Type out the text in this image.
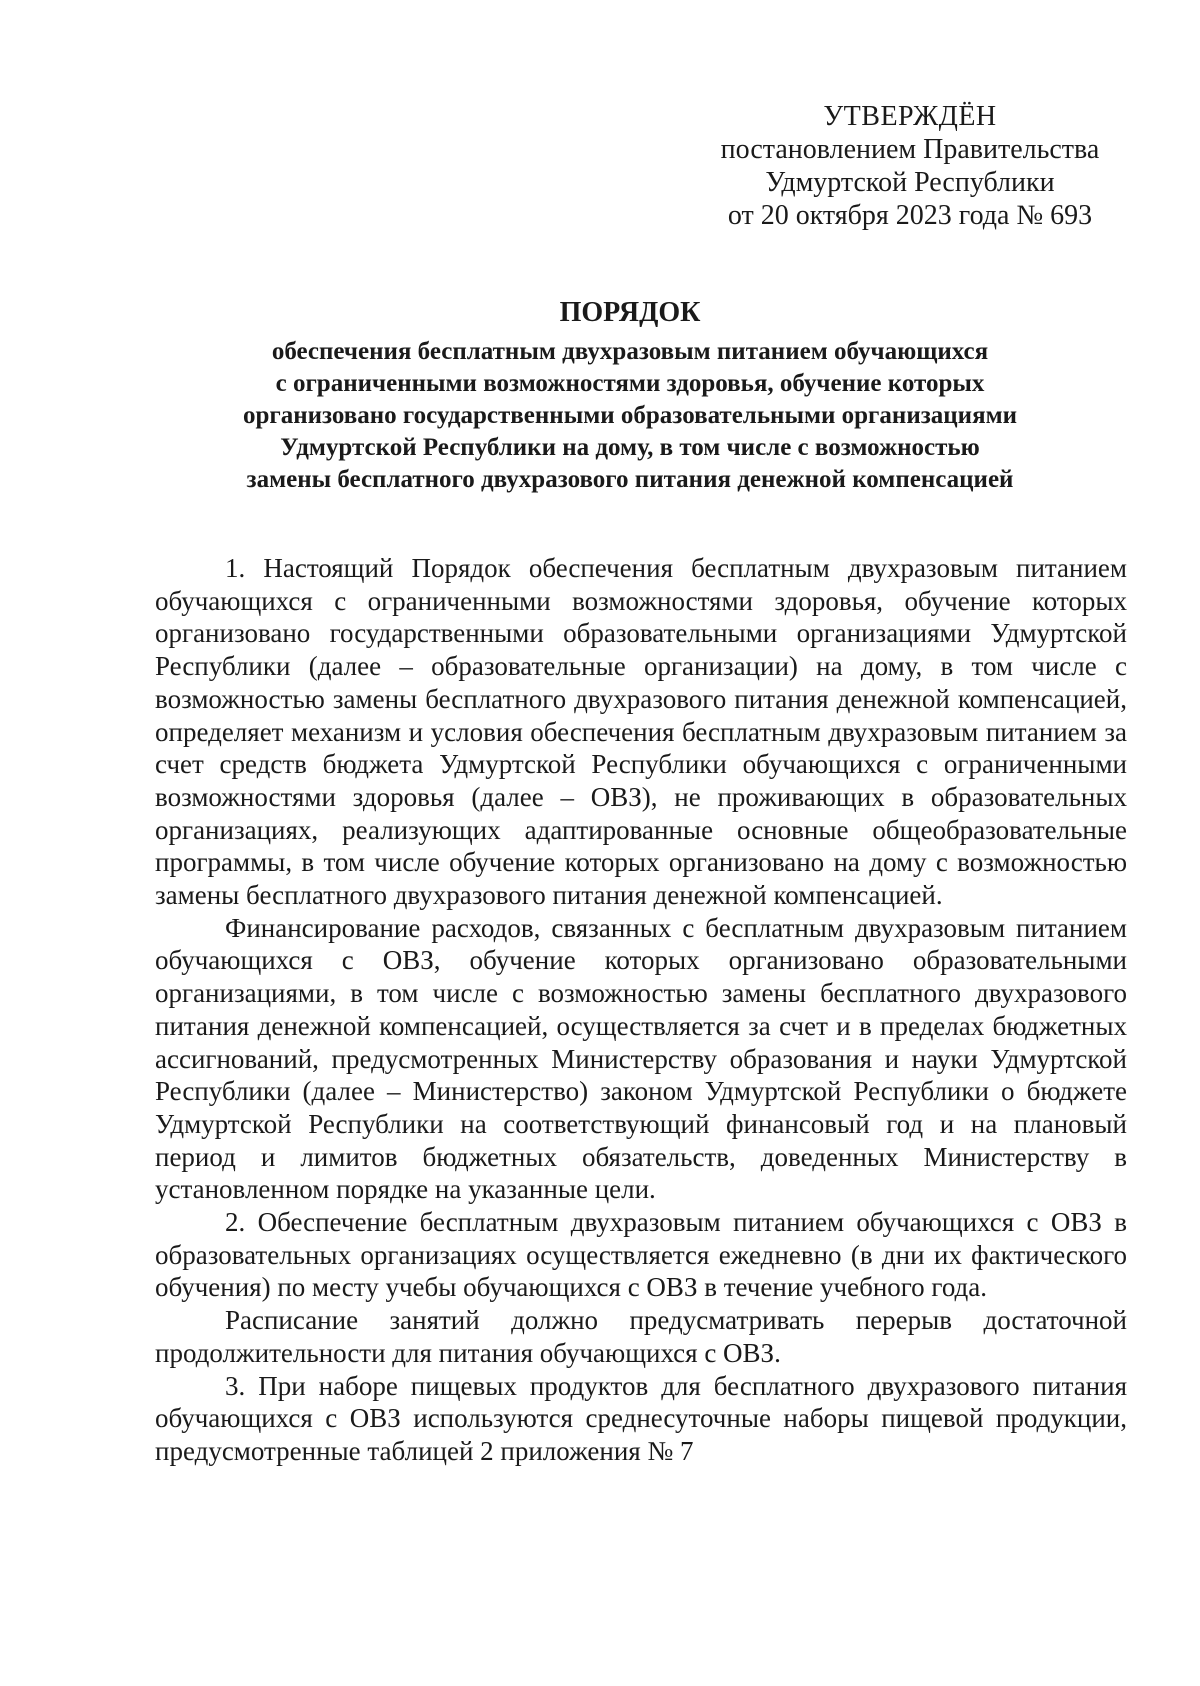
УТВЕРЖДЁН
постановлением Правительства
Удмуртской Республики
от 20 октября 2023 года № 693
ПОРЯДОК
обеспечения бесплатным двухразовым питанием обучающихся
с ограниченными возможностями здоровья, обучение которых
организовано государственными образовательными организациями
Удмуртской Республики на дому, в том числе с возможностью
замены бесплатного двухразового питания денежной компенсацией

1. Настоящий Порядок обеспечения бесплатным двухразовым питанием обучающихся с ограниченными возможностями здоровья, обучение которых организовано государственными образовательными организациями Удмуртской Республики (далее – образовательные организации) на дому, в том числе с возможностью замены бесплатного двухразового питания денежной компенсацией, определяет механизм и условия обеспечения бесплатным двухразовым питанием за счет средств бюджета Удмуртской Республики обучающихся с ограниченными возможностями здоровья (далее – ОВЗ), не проживающих в образовательных организациях, реализующих адаптированные основные общеобразовательные программы, в том числе обучение которых организовано на дому с возможностью замены бесплатного двухразового питания денежной компенсацией.

Финансирование расходов, связанных с бесплатным двухразовым питанием обучающихся с ОВЗ, обучение которых организовано образовательными организациями, в том числе с возможностью замены бесплатного двухразового питания денежной компенсацией, осуществляется за счет и в пределах бюджетных ассигнований, предусмотренных Министерству образования и науки Удмуртской Республики (далее – Министерство) законом Удмуртской Республики о бюджете Удмуртской Республики на соответствующий финансовый год и на плановый период и лимитов бюджетных обязательств, доведенных Министерству в установленном порядке на указанные цели.

2. Обеспечение бесплатным двухразовым питанием обучающихся с ОВЗ в образовательных организациях осуществляется ежедневно (в дни их фактического обучения) по месту учебы обучающихся с ОВЗ в течение учебного года.

Расписание занятий должно предусматривать перерыв достаточной продолжительности для питания обучающихся с ОВЗ.

3. При наборе пищевых продуктов для бесплатного двухразового питания обучающихся с ОВЗ используются среднесуточные наборы пищевой продукции, предусмотренные таблицей 2 приложения № 7
